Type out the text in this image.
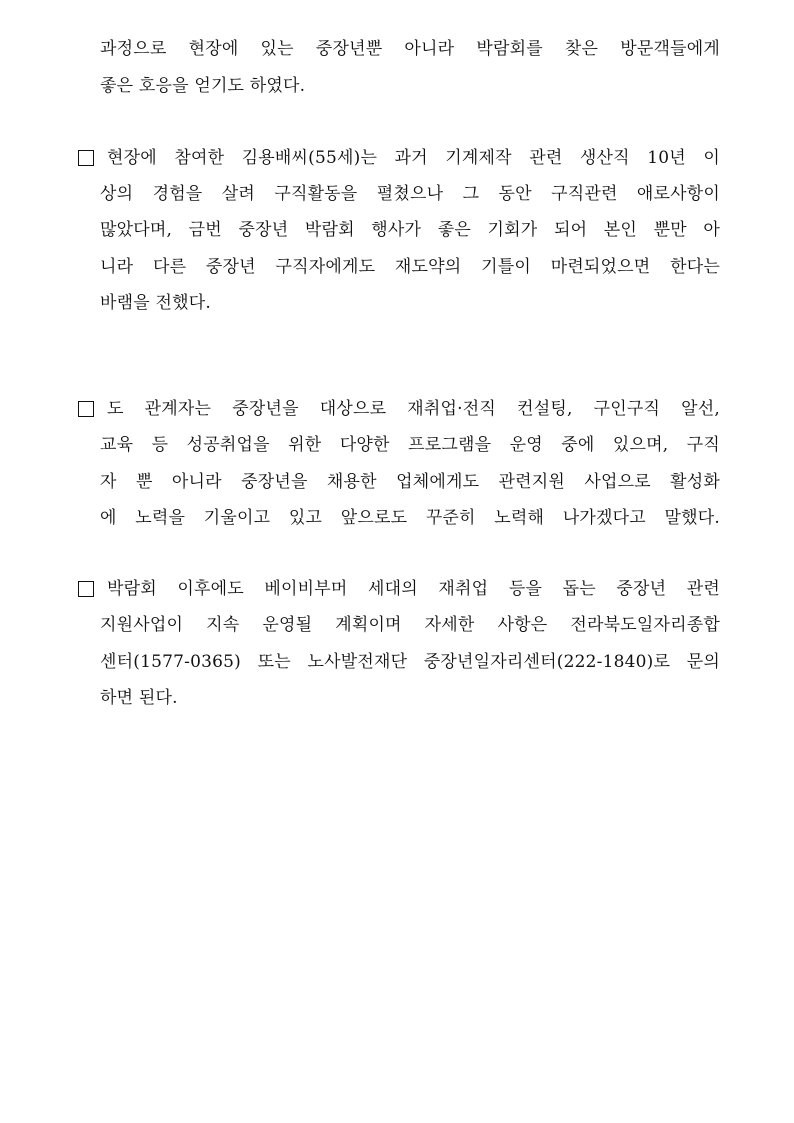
과정으로 현장에 있는 중장년뿐 아니라 박람회를 찾은 방문객들에게
좋은 호응을 얻기도 하였다.
현장에 참여한 김용배씨(55세)는 과거 기계제작 관련 생산직 10년 이
상의 경험을 살려 구직활동을 펼쳤으나 그 동안 구직관련 애로사항이
많았다며, 금번 중장년 박람회 행사가 좋은 기회가 되어 본인 뿐만 아
니라 다른 중장년 구직자에게도 재도약의 기틀이 마련되었으면 한다는
바램을 전했다.
도 관계자는 중장년을 대상으로 재취업·전직 컨설팅, 구인구직 알선,
교육 등 성공취업을 위한 다양한 프로그램을 운영 중에 있으며, 구직
자 뿐 아니라 중장년을 채용한 업체에게도 관련지원 사업으로 활성화
에 노력을 기울이고 있고 앞으로도 꾸준히 노력해 나가겠다고 말했다.
박람회 이후에도 베이비부머 세대의 재취업 등을 돕는 중장년 관련
지원사업이 지속 운영될 계획이며 자세한 사항은 전라북도일자리종합
센터(1577-0365) 또는 노사발전재단 중장년일자리센터(222-1840)로 문의
하면 된다.
